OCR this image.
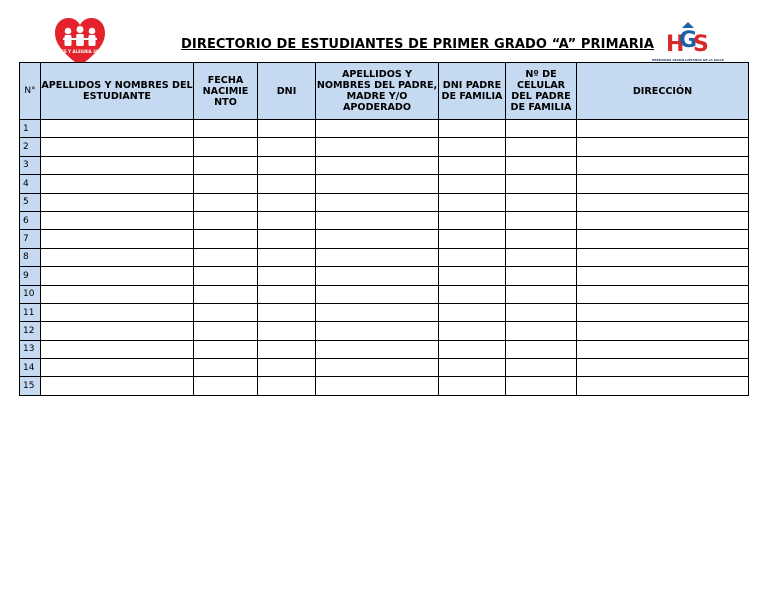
FE Y ALEGRIA 36	H
G
S
HERMANOS GEANILLUPIANOS DE LA SALLE
DIRECTORIO DE ESTUDIANTES DE PRIMER GRADO “A” PRIMARIA
N°	APELLIDOS Y NOMBRES DEL ESTUDIANTE	FECHA NACIMIE NTO	DNI	APELLIDOS Y NOMBRES DEL PADRE, MADRE Y/O APODERADO	DNI PADRE DE FAMILIA	Nº DE CELULAR DEL PADRE DE FAMILIA	DIRECCIÓN
1							
2							
3							
4							
5							
6							
7							
8							
9							
10							
11							
12							
13							
14							
15							
